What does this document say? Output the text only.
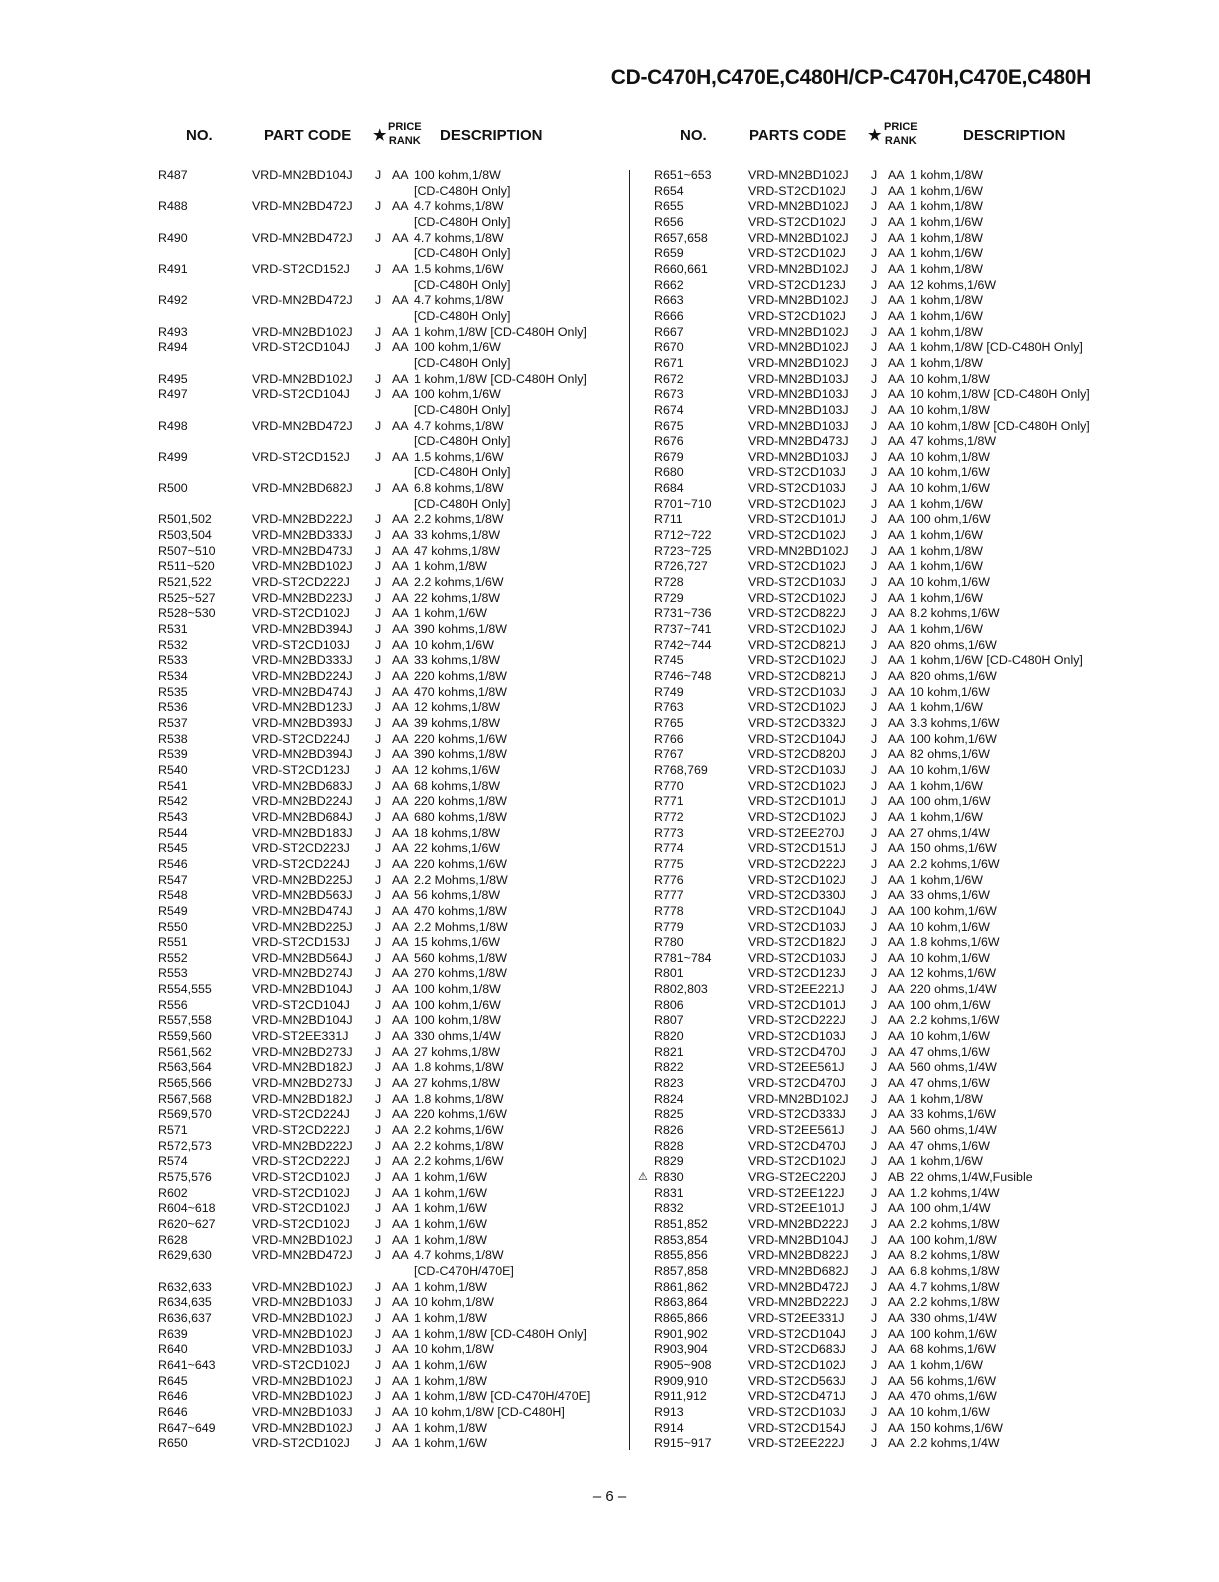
CD-C470H,C470E,C480H/CP-C470H,C470E,C480H
NO.	PART CODE ★ PRICE
RANK DESCRIPTION
R487	VRD-MN2BD104J	J AA 100 kohm,1/8W
[CD-C480H Only]
R488	VRD-MN2BD472J	J AA 4.7 kohms,1/8W
[CD-C480H Only]
R490	VRD-MN2BD472J	J AA 4.7 kohms,1/8W
[CD-C480H Only]
R491	VRD-ST2CD152J	J AA 1.5 kohms,1/6W
[CD-C480H Only]
R492	VRD-MN2BD472J	J AA 4.7 kohms,1/8W
[CD-C480H Only]
R493	VRD-MN2BD102J	J AA 1 kohm,1/8W [CD-C480H Only]
R494	VRD-ST2CD104J	J AA 100 kohm,1/6W
[CD-C480H Only]
R495	VRD-MN2BD102J	J AA 1 kohm,1/8W [CD-C480H Only]
R497	VRD-ST2CD104J	J AA 100 kohm,1/6W
[CD-C480H Only]
R498	VRD-MN2BD472J	J AA 4.7 kohms,1/8W
[CD-C480H Only]
R499	VRD-ST2CD152J	J AA 1.5 kohms,1/6W
[CD-C480H Only]
R500	VRD-MN2BD682J	J AA 6.8 kohms,1/8W
[CD-C480H Only]
R501,502	VRD-MN2BD222J	J AA 2.2 kohms,1/8W
R503,504	VRD-MN2BD333J	J AA 33 kohms,1/8W
R507~510	VRD-MN2BD473J	J AA 47 kohms,1/8W
R511~520	VRD-MN2BD102J	J AA 1 kohm,1/8W
R521,522	VRD-ST2CD222J	J AA 2.2 kohms,1/6W
R525~527	VRD-MN2BD223J	J AA 22 kohms,1/8W
R528~530	VRD-ST2CD102J	J AA 1 kohm,1/6W
R531	VRD-MN2BD394J	J AA 390 kohms,1/8W
R532	VRD-ST2CD103J	J AA 10 kohm,1/6W
R533	VRD-MN2BD333J	J AA 33 kohms,1/8W
R534	VRD-MN2BD224J	J AA 220 kohms,1/8W
R535	VRD-MN2BD474J	J AA 470 kohms,1/8W
R536	VRD-MN2BD123J	J AA 12 kohms,1/8W
R537	VRD-MN2BD393J	J AA 39 kohms,1/8W
R538	VRD-ST2CD224J	J AA 220 kohms,1/6W
R539	VRD-MN2BD394J	J AA 390 kohms,1/8W
R540	VRD-ST2CD123J	J AA 12 kohms,1/6W
R541	VRD-MN2BD683J	J AA 68 kohms,1/8W
R542	VRD-MN2BD224J	J AA 220 kohms,1/8W
R543	VRD-MN2BD684J	J AA 680 kohms,1/8W
R544	VRD-MN2BD183J	J AA 18 kohms,1/8W
R545	VRD-ST2CD223J	J AA 22 kohms,1/6W
R546	VRD-ST2CD224J	J AA 220 kohms,1/6W
R547	VRD-MN2BD225J	J AA 2.2 Mohms,1/8W
R548	VRD-MN2BD563J	J AA 56 kohms,1/8W
R549	VRD-MN2BD474J	J AA 470 kohms,1/8W
R550	VRD-MN2BD225J	J AA 2.2 Mohms,1/8W
R551	VRD-ST2CD153J	J AA 15 kohms,1/6W
R552	VRD-MN2BD564J	J AA 560 kohms,1/8W
R553	VRD-MN2BD274J	J AA 270 kohms,1/8W
R554,555	VRD-MN2BD104J	J AA 100 kohm,1/8W
R556	VRD-ST2CD104J	J AA 100 kohm,1/6W
R557,558	VRD-MN2BD104J	J AA 100 kohm,1/8W
R559,560	VRD-ST2EE331J	J AA 330 ohms,1/4W
R561,562	VRD-MN2BD273J	J AA 27 kohms,1/8W
R563,564	VRD-MN2BD182J	J AA 1.8 kohms,1/8W
R565,566	VRD-MN2BD273J	J AA 27 kohms,1/8W
R567,568	VRD-MN2BD182J	J AA 1.8 kohms,1/8W
R569,570	VRD-ST2CD224J	J AA 220 kohms,1/6W
R571	VRD-ST2CD222J	J AA 2.2 kohms,1/6W
R572,573	VRD-MN2BD222J	J AA 2.2 kohms,1/8W
R574	VRD-ST2CD222J	J AA 2.2 kohms,1/6W
R575,576	VRD-ST2CD102J	J AA 1 kohm,1/6W
R602	VRD-ST2CD102J	J AA 1 kohm,1/6W
R604~618	VRD-ST2CD102J	J AA 1 kohm,1/6W
R620~627	VRD-ST2CD102J	J AA 1 kohm,1/6W
R628	VRD-MN2BD102J	J AA 1 kohm,1/8W
R629,630	VRD-MN2BD472J	J AA 4.7 kohms,1/8W
[CD-C470H/470E]
R632,633	VRD-MN2BD102J	J AA 1 kohm,1/8W
R634,635	VRD-MN2BD103J	J AA 10 kohm,1/8W
R636,637	VRD-MN2BD102J	J AA 1 kohm,1/8W
R639	VRD-MN2BD102J	J AA 1 kohm,1/8W [CD-C480H Only]
R640	VRD-MN2BD103J	J AA 10 kohm,1/8W
R641~643	VRD-ST2CD102J	J AA 1 kohm,1/6W
R645	VRD-MN2BD102J	J AA 1 kohm,1/8W
R646	VRD-MN2BD102J	J AA 1 kohm,1/8W [CD-C470H/470E]
R646	VRD-MN2BD103J	J AA 10 kohm,1/8W [CD-C480H]
R647~649	VRD-MN2BD102J	J AA 1 kohm,1/8W
R650	VRD-ST2CD102J	J AA 1 kohm,1/6W
NO.	PARTS CODE ★ PRICE
RANK	DESCRIPTION
R651~653	VRD-MN2BD102J	J AA 1 kohm,1/8W
R654	VRD-ST2CD102J	J AA 1 kohm,1/6W
R655	VRD-MN2BD102J	J AA 1 kohm,1/8W
R656	VRD-ST2CD102J	J AA 1 kohm,1/6W
R657,658	VRD-MN2BD102J	J AA 1 kohm,1/8W
R659	VRD-ST2CD102J	J AA 1 kohm,1/6W
R660,661	VRD-MN2BD102J	J AA 1 kohm,1/8W
R662	VRD-ST2CD123J	J AA 12 kohms,1/6W
R663	VRD-MN2BD102J	J AA 1 kohm,1/8W
R666	VRD-ST2CD102J	J AA 1 kohm,1/6W
R667	VRD-MN2BD102J	J AA 1 kohm,1/8W
R670	VRD-MN2BD102J	J AA 1 kohm,1/8W [CD-C480H Only]
R671	VRD-MN2BD102J	J AA 1 kohm,1/8W
R672	VRD-MN2BD103J	J AA 10 kohm,1/8W
R673	VRD-MN2BD103J	J AA 10 kohm,1/8W [CD-C480H Only]
R674	VRD-MN2BD103J	J AA 10 kohm,1/8W
R675	VRD-MN2BD103J	J AA 10 kohm,1/8W [CD-C480H Only]
R676	VRD-MN2BD473J	J AA 47 kohms,1/8W
R679	VRD-MN2BD103J	J AA 10 kohm,1/8W
R680	VRD-ST2CD103J	J AA 10 kohm,1/6W
R684	VRD-ST2CD103J	J AA 10 kohm,1/6W
R701~710	VRD-ST2CD102J	J AA 1 kohm,1/6W
R711	VRD-ST2CD101J	J AA 100 ohm,1/6W
R712~722	VRD-ST2CD102J	J AA 1 kohm,1/6W
R723~725	VRD-MN2BD102J	J AA 1 kohm,1/8W
R726,727	VRD-ST2CD102J	J AA 1 kohm,1/6W
R728	VRD-ST2CD103J	J AA 10 kohm,1/6W
R729	VRD-ST2CD102J	J AA 1 kohm,1/6W
R731~736	VRD-ST2CD822J	J AA 8.2 kohms,1/6W
R737~741	VRD-ST2CD102J	J AA 1 kohm,1/6W
R742~744	VRD-ST2CD821J	J AA 820 ohms,1/6W
R745	VRD-ST2CD102J	J AA 1 kohm,1/6W [CD-C480H Only]
R746~748	VRD-ST2CD821J	J AA 820 ohms,1/6W
R749	VRD-ST2CD103J	J AA 10 kohm,1/6W
R763	VRD-ST2CD102J	J AA 1 kohm,1/6W
R765	VRD-ST2CD332J	J AA 3.3 kohms,1/6W
R766	VRD-ST2CD104J	J AA 100 kohm,1/6W
R767	VRD-ST2CD820J	J AA 82 ohms,1/6W
R768,769	VRD-ST2CD103J	J AA 10 kohm,1/6W
R770	VRD-ST2CD102J	J AA 1 kohm,1/6W
R771	VRD-ST2CD101J	J AA 100 ohm,1/6W
R772	VRD-ST2CD102J	J AA 1 kohm,1/6W
R773	VRD-ST2EE270J	J AA 27 ohms,1/4W
R774	VRD-ST2CD151J	J AA 150 ohms,1/6W
R775	VRD-ST2CD222J	J AA 2.2 kohms,1/6W
R776	VRD-ST2CD102J	J AA 1 kohm,1/6W
R777	VRD-ST2CD330J	J AA 33 ohms,1/6W
R778	VRD-ST2CD104J	J AA 100 kohm,1/6W
R779	VRD-ST2CD103J	J AA 10 kohm,1/6W
R780	VRD-ST2CD182J	J AA 1.8 kohms,1/6W
R781~784	VRD-ST2CD103J	J AA 10 kohm,1/6W
R801	VRD-ST2CD123J	J AA 12 kohms,1/6W
R802,803	VRD-ST2EE221J	J AA 220 ohms,1/4W
R806	VRD-ST2CD101J	J AA 100 ohm,1/6W
R807	VRD-ST2CD222J	J AA 2.2 kohms,1/6W
R820	VRD-ST2CD103J	J AA 10 kohm,1/6W
R821	VRD-ST2CD470J	J AA 47 ohms,1/6W
R822	VRD-ST2EE561J	J AA 560 ohms,1/4W
R823	VRD-ST2CD470J	J AA 47 ohms,1/6W
R824	VRD-MN2BD102J	J AA 1 kohm,1/8W
R825	VRD-ST2CD333J	J AA 33 kohms,1/6W
R826	VRD-ST2EE561J	J AA 560 ohms,1/4W
R828	VRD-ST2CD470J	J AA 47 ohms,1/6W
R829	VRD-ST2CD102J	J AA 1 kohm,1/6W
⚠ R830	VRG-ST2EC220J	J AB 22 ohms,1/4W,Fusible
R831	VRD-ST2EE122J	J AA 1.2 kohms,1/4W
R832	VRD-ST2EE101J	J AA 100 ohm,1/4W
R851,852	VRD-MN2BD222J	J AA 2.2 kohms,1/8W
R853,854	VRD-MN2BD104J	J AA 100 kohm,1/8W
R855,856	VRD-MN2BD822J	J AA 8.2 kohms,1/8W
R857,858	VRD-MN2BD682J	J AA 6.8 kohms,1/8W
R861,862	VRD-MN2BD472J	J AA 4.7 kohms,1/8W
R863,864	VRD-MN2BD222J	J AA 2.2 kohms,1/8W
R865,866	VRD-ST2EE331J	J AA 330 ohms,1/4W
R901,902	VRD-ST2CD104J	J AA 100 kohm,1/6W
R903,904	VRD-ST2CD683J	J AA 68 kohms,1/6W
R905~908	VRD-ST2CD102J	J AA 1 kohm,1/6W
R909,910	VRD-ST2CD563J	J AA 56 kohms,1/6W
R911,912	VRD-ST2CD471J	J AA 470 ohms,1/6W
R913	VRD-ST2CD103J	J AA 10 kohm,1/6W
R914	VRD-ST2CD154J	J AA 150 kohms,1/6W
R915~917	VRD-ST2EE222J	J AA 2.2 kohms,1/4W
– 6 –
